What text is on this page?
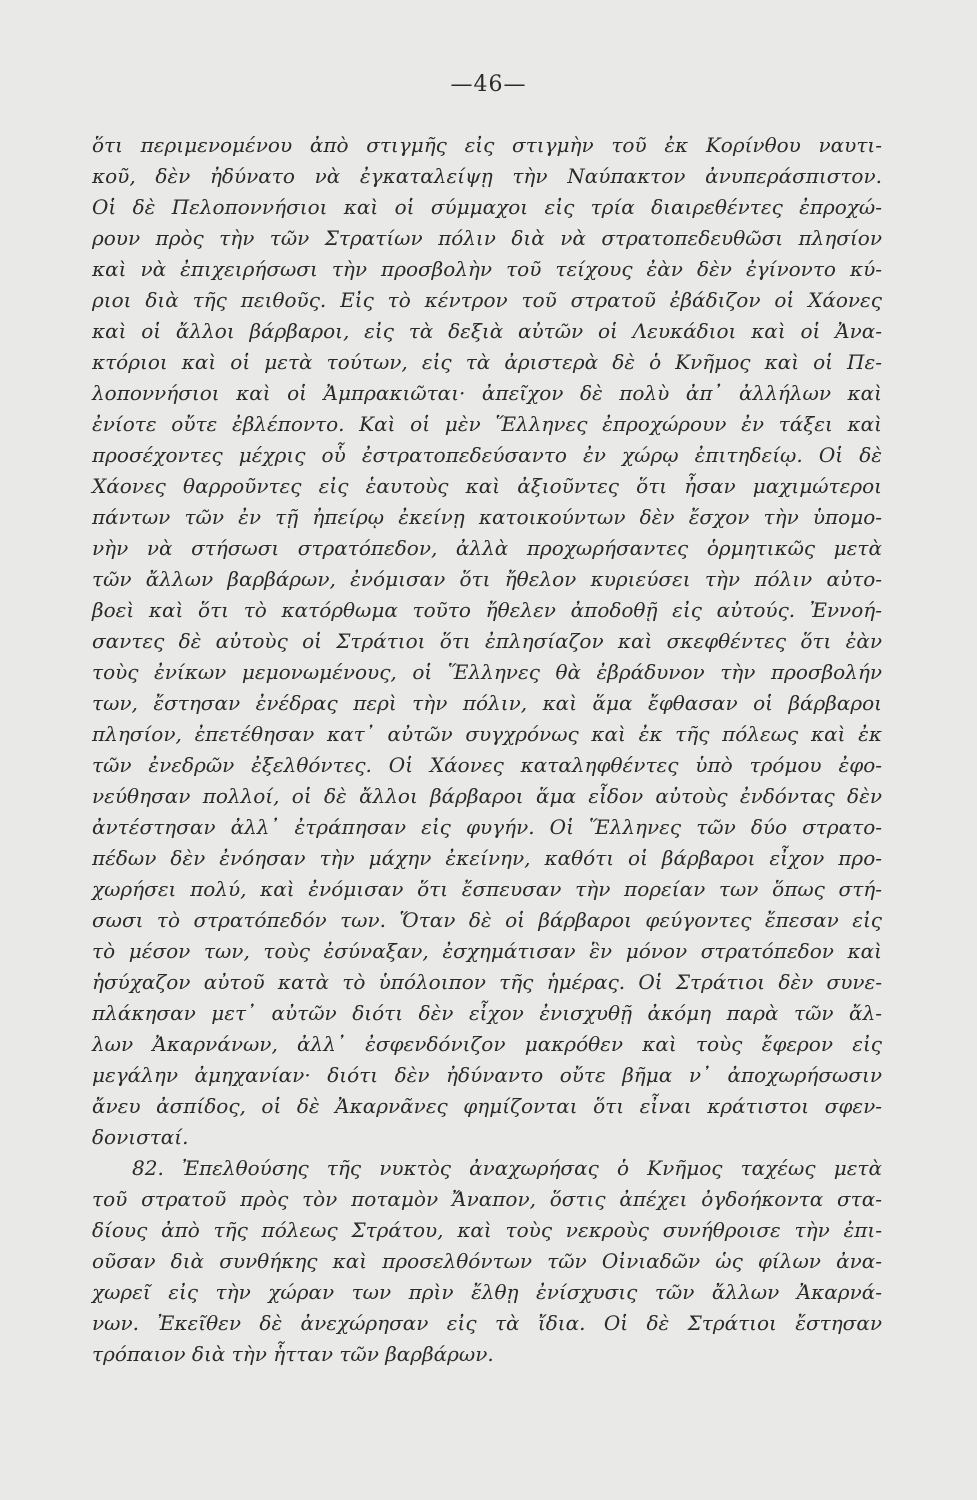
—46—
ὅτι περιμενομένου ἀπὸ στιγμῆς εἰς στιγμὴν τοῦ ἐκ Κορίνθου ναυτι-
κοῦ, δὲν ἠδύνατο νὰ ἐγκαταλείψῃ τὴν Ναύπακτον ἀνυπεράσπιστον.
Οἱ δὲ Πελοποννήσιοι καὶ οἱ σύμμαχοι εἰς τρία διαιρεθέντες ἐπροχώ-
ρουν πρὸς τὴν τῶν Στρατίων πόλιν διὰ νὰ στρατοπεδευθῶσι πλησίον
καὶ νὰ ἐπιχειρήσωσι τὴν προσβολὴν τοῦ τείχους ἐὰν δὲν ἐγίνοντο κύ-
ριοι διὰ τῆς πειθοῦς. Εἰς τὸ κέντρον τοῦ στρατοῦ ἐβάδιζον οἱ Χάονες
καὶ οἱ ἄλλοι βάρβαροι, εἰς τὰ δεξιὰ αὐτῶν οἱ Λευκάδιοι καὶ οἱ Ἀνα-
κτόριοι καὶ οἱ μετὰ τούτων, εἰς τὰ ἀριστερὰ δὲ ὁ Κνῆμος καὶ οἱ Πε-
λοποννήσιοι καὶ οἱ Ἀμπρακιῶται· ἀπεῖχον δὲ πολὺ ἀπ᾽ ἀλλήλων καὶ
ἐνίοτε οὔτε ἐβλέποντο. Καὶ οἱ μὲν Ἕλληνες ἐπροχώρουν ἐν τάξει καὶ
προσέχοντες μέχρις οὗ ἐστρατοπεδεύσαντο ἐν χώρῳ ἐπιτηδείῳ. Οἱ δὲ
Χάονες θαρροῦντες εἰς ἑαυτοὺς καὶ ἀξιοῦντες ὅτι ἦσαν μαχιμώτεροι
πάντων τῶν ἐν τῇ ἠπείρῳ ἐκείνῃ κατοικούντων δὲν ἔσχον τὴν ὑπομο-
νὴν νὰ στήσωσι στρατόπεδον, ἀλλὰ προχωρήσαντες ὁρμητικῶς μετὰ
τῶν ἄλλων βαρβάρων, ἐνόμισαν ὅτι ἤθελον κυριεύσει τὴν πόλιν αὐτο-
βοεὶ καὶ ὅτι τὸ κατόρθωμα τοῦτο ἤθελεν ἀποδοθῇ εἰς αὐτούς. Ἐννοή-
σαντες δὲ αὐτοὺς οἱ Στράτιοι ὅτι ἐπλησίαζον καὶ σκεφθέντες ὅτι ἐὰν
τοὺς ἐνίκων μεμονωμένους, οἱ Ἕλληνες θὰ ἐβράδυνον τὴν προσβολήν
των, ἔστησαν ἐνέδρας περὶ τὴν πόλιν, καὶ ἅμα ἔφθασαν οἱ βάρβαροι
πλησίον, ἐπετέθησαν κατ᾽ αὐτῶν συγχρόνως καὶ ἐκ τῆς πόλεως καὶ ἐκ
τῶν ἐνεδρῶν ἐξελθόντες. Οἱ Χάονες καταληφθέντες ὑπὸ τρόμου ἐφο-
νεύθησαν πολλοί, οἱ δὲ ἄλλοι βάρβαροι ἅμα εἶδον αὐτοὺς ἐνδόντας δὲν
ἀντέστησαν ἀλλ᾽ ἐτράπησαν εἰς φυγήν. Οἱ Ἕλληνες τῶν δύο στρατο-
πέδων δὲν ἐνόησαν τὴν μάχην ἐκείνην, καθότι οἱ βάρβαροι εἶχον προ-
χωρήσει πολύ, καὶ ἐνόμισαν ὅτι ἔσπευσαν τὴν πορείαν των ὅπως στή-
σωσι τὸ στρατόπεδόν των. Ὅταν δὲ οἱ βάρβαροι φεύγοντες ἔπεσαν εἰς
τὸ μέσον των, τοὺς ἐσύναξαν, ἐσχημάτισαν ἓν μόνον στρατόπεδον καὶ
ἡσύχαζον αὐτοῦ κατὰ τὸ ὑπόλοιπον τῆς ἡμέρας. Οἱ Στράτιοι δὲν συνε-
πλάκησαν μετ᾽ αὐτῶν διότι δὲν εἶχον ἐνισχυθῇ ἀκόμη παρὰ τῶν ἄλ-
λων Ἀκαρνάνων, ἀλλ᾽ ἐσφενδόνιζον μακρόθεν καὶ τοὺς ἔφερον εἰς
μεγάλην ἀμηχανίαν· διότι δὲν ἠδύναντο οὔτε βῆμα ν᾽ ἀποχωρήσωσιν
ἄνευ ἀσπίδος, οἱ δὲ Ἀκαρνᾶνες φημίζονται ὅτι εἶναι κράτιστοι σφεν-
δονισταί.
82. Ἐπελθούσης τῆς νυκτὸς ἀναχωρήσας ὁ Κνῆμος ταχέως μετὰ
τοῦ στρατοῦ πρὸς τὸν ποταμὸν Ἄναπον, ὅστις ἀπέχει ὀγδοήκοντα στα-
δίους ἀπὸ τῆς πόλεως Στράτου, καὶ τοὺς νεκροὺς συνήθροισε τὴν ἐπι-
οῦσαν διὰ συνθήκης καὶ προσελθόντων τῶν Οἰνιαδῶν ὡς φίλων ἀνα-
χωρεῖ εἰς τὴν χώραν των πρὶν ἔλθῃ ἐνίσχυσις τῶν ἄλλων Ἀκαρνά-
νων. Ἐκεῖθεν δὲ ἀνεχώρησαν εἰς τὰ ἴδια. Οἱ δὲ Στράτιοι ἔστησαν
τρόπαιον διὰ τὴν ἧτταν τῶν βαρβάρων.
